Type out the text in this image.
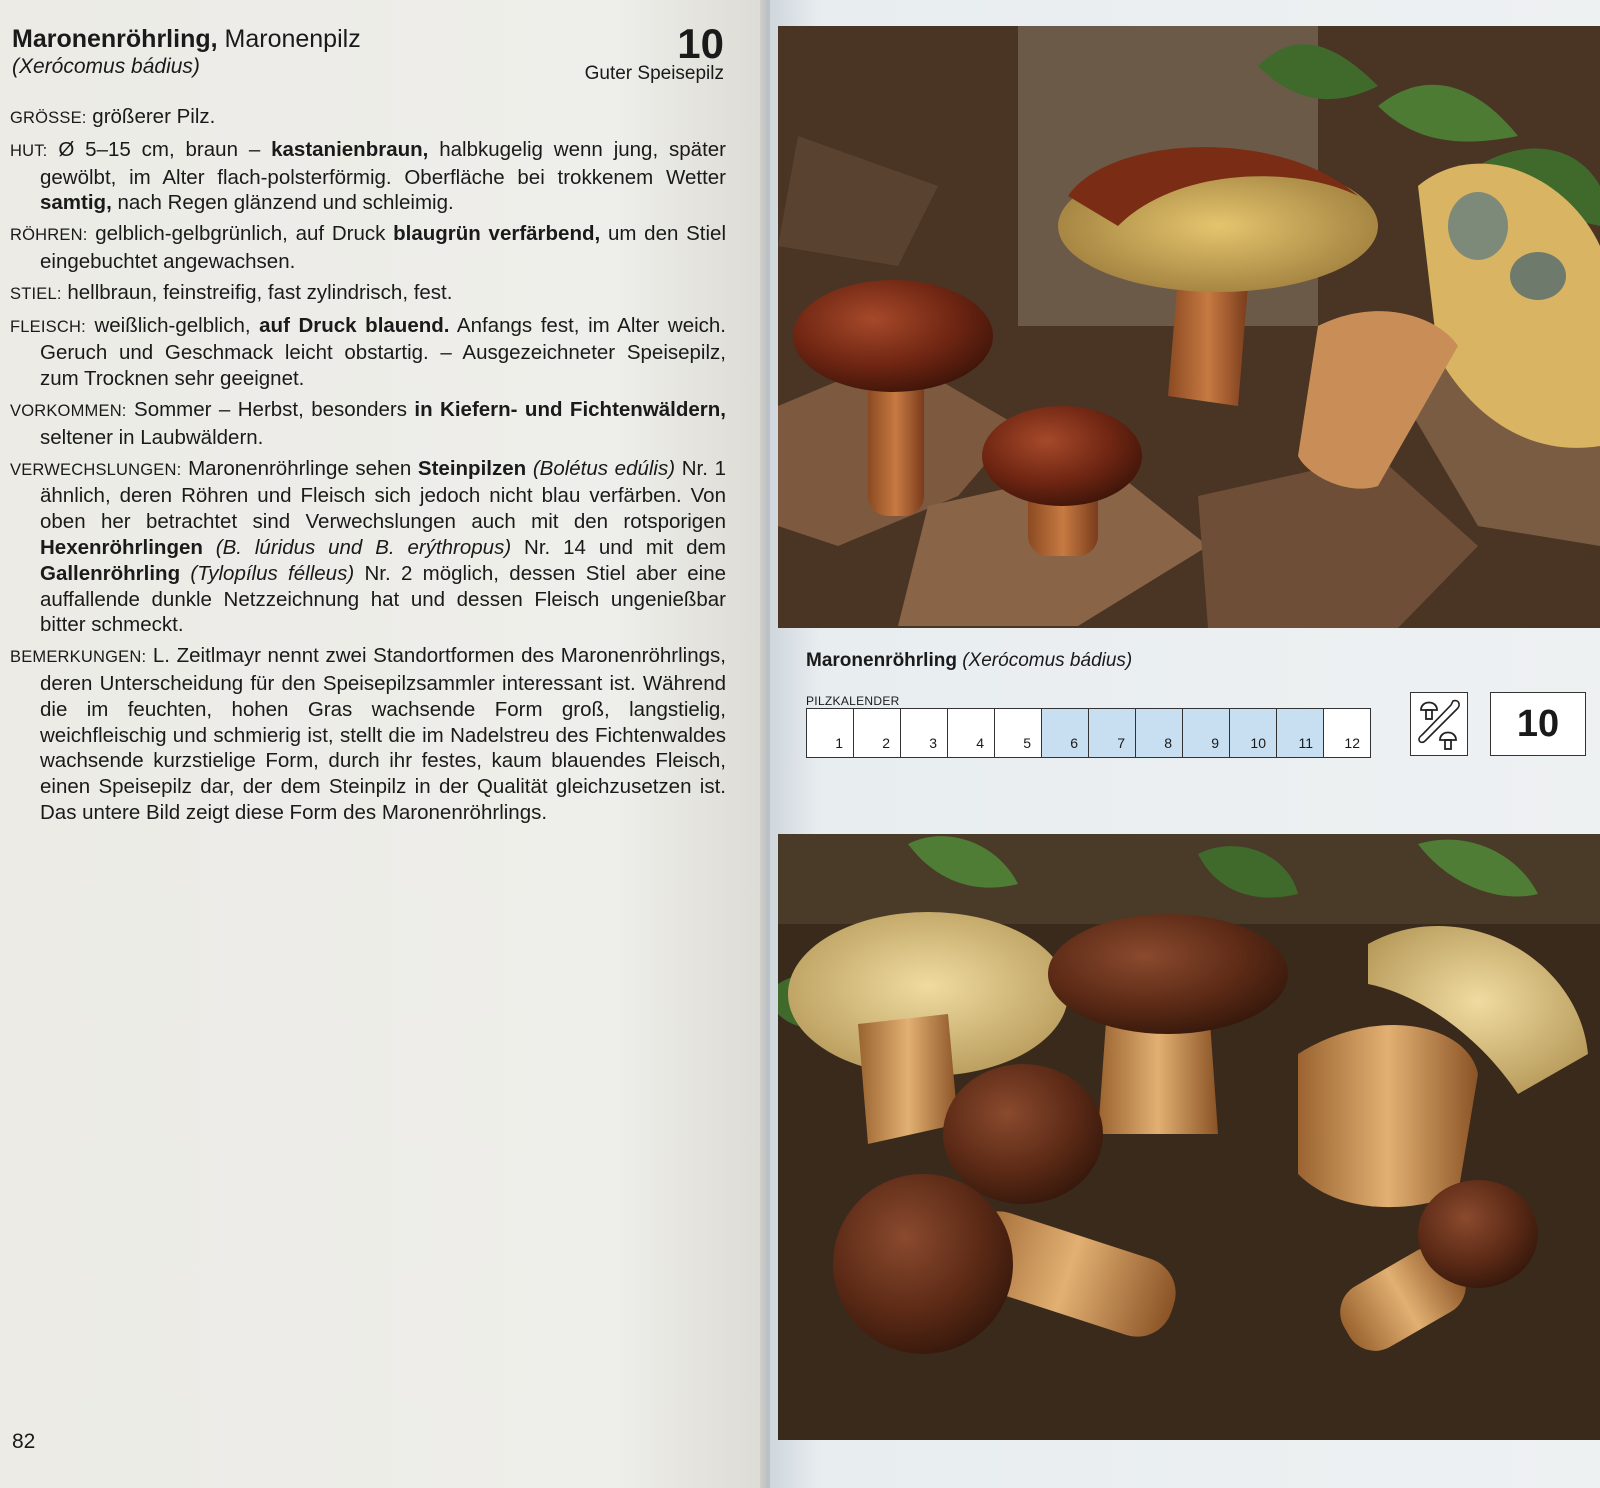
Maronenröhrling, Maronenpilz
(Xerócomus bádius)	10
Guter Speisepilz

GRÖSSE: größerer Pilz.

HUT: Ø 5–15 cm, braun – kastanienbraun, halbkugelig wenn jung, später gewölbt, im Alter flach-polsterförmig. Oberfläche bei trokkenem Wetter samtig, nach Regen glänzend und schleimig.

RÖHREN: gelblich-gelbgrünlich, auf Druck blaugrün verfärbend, um den Stiel eingebuchtet angewachsen.

STIEL: hellbraun, feinstreifig, fast zylindrisch, fest.

FLEISCH: weißlich-gelblich, auf Druck blauend. Anfangs fest, im Alter weich. Geruch und Geschmack leicht obstartig. – Ausgezeichneter Speisepilz, zum Trocknen sehr geeignet.

VORKOMMEN: Sommer – Herbst, besonders in Kiefern- und Fichtenwäldern, seltener in Laubwäldern.

VERWECHSLUNGEN: Maronenröhrlinge sehen Steinpilzen (Bolétus edúlis) Nr. 1 ähnlich, deren Röhren und Fleisch sich jedoch nicht blau verfärben. Von oben her betrachtet sind Verwechslungen auch mit den rotsporigen Hexenröhrlingen (B. lúridus und B. erýthropus) Nr. 14 und mit dem Gallenröhrling (Tylopílus félleus) Nr. 2 möglich, dessen Stiel aber eine auffallende dunkle Netzzeichnung hat und dessen Fleisch ungenießbar bitter schmeckt.

BEMERKUNGEN: L. Zeitlmayr nennt zwei Standortformen des Maronenröhrlings, deren Unterscheidung für den Speisepilzsammler interessant ist. Während die im feuchten, hohen Gras wachsende Form groß, langstielig, weichfleischig und schmierig ist, stellt die im Nadelstreu des Fichtenwaldes wachsende kurzstielige Form, durch ihr festes, kaum blauendes Fleisch, einen Speisepilz dar, der dem Steinpilz in der Qualität gleichzusetzen ist. Das untere Bild zeigt diese Form des Maronenröhrlings.

82
Maronenröhrling (Xerócomus bádius)
PILZKALENDER
1	2	3	4	5	6	7	8	9	10	11	12	10
